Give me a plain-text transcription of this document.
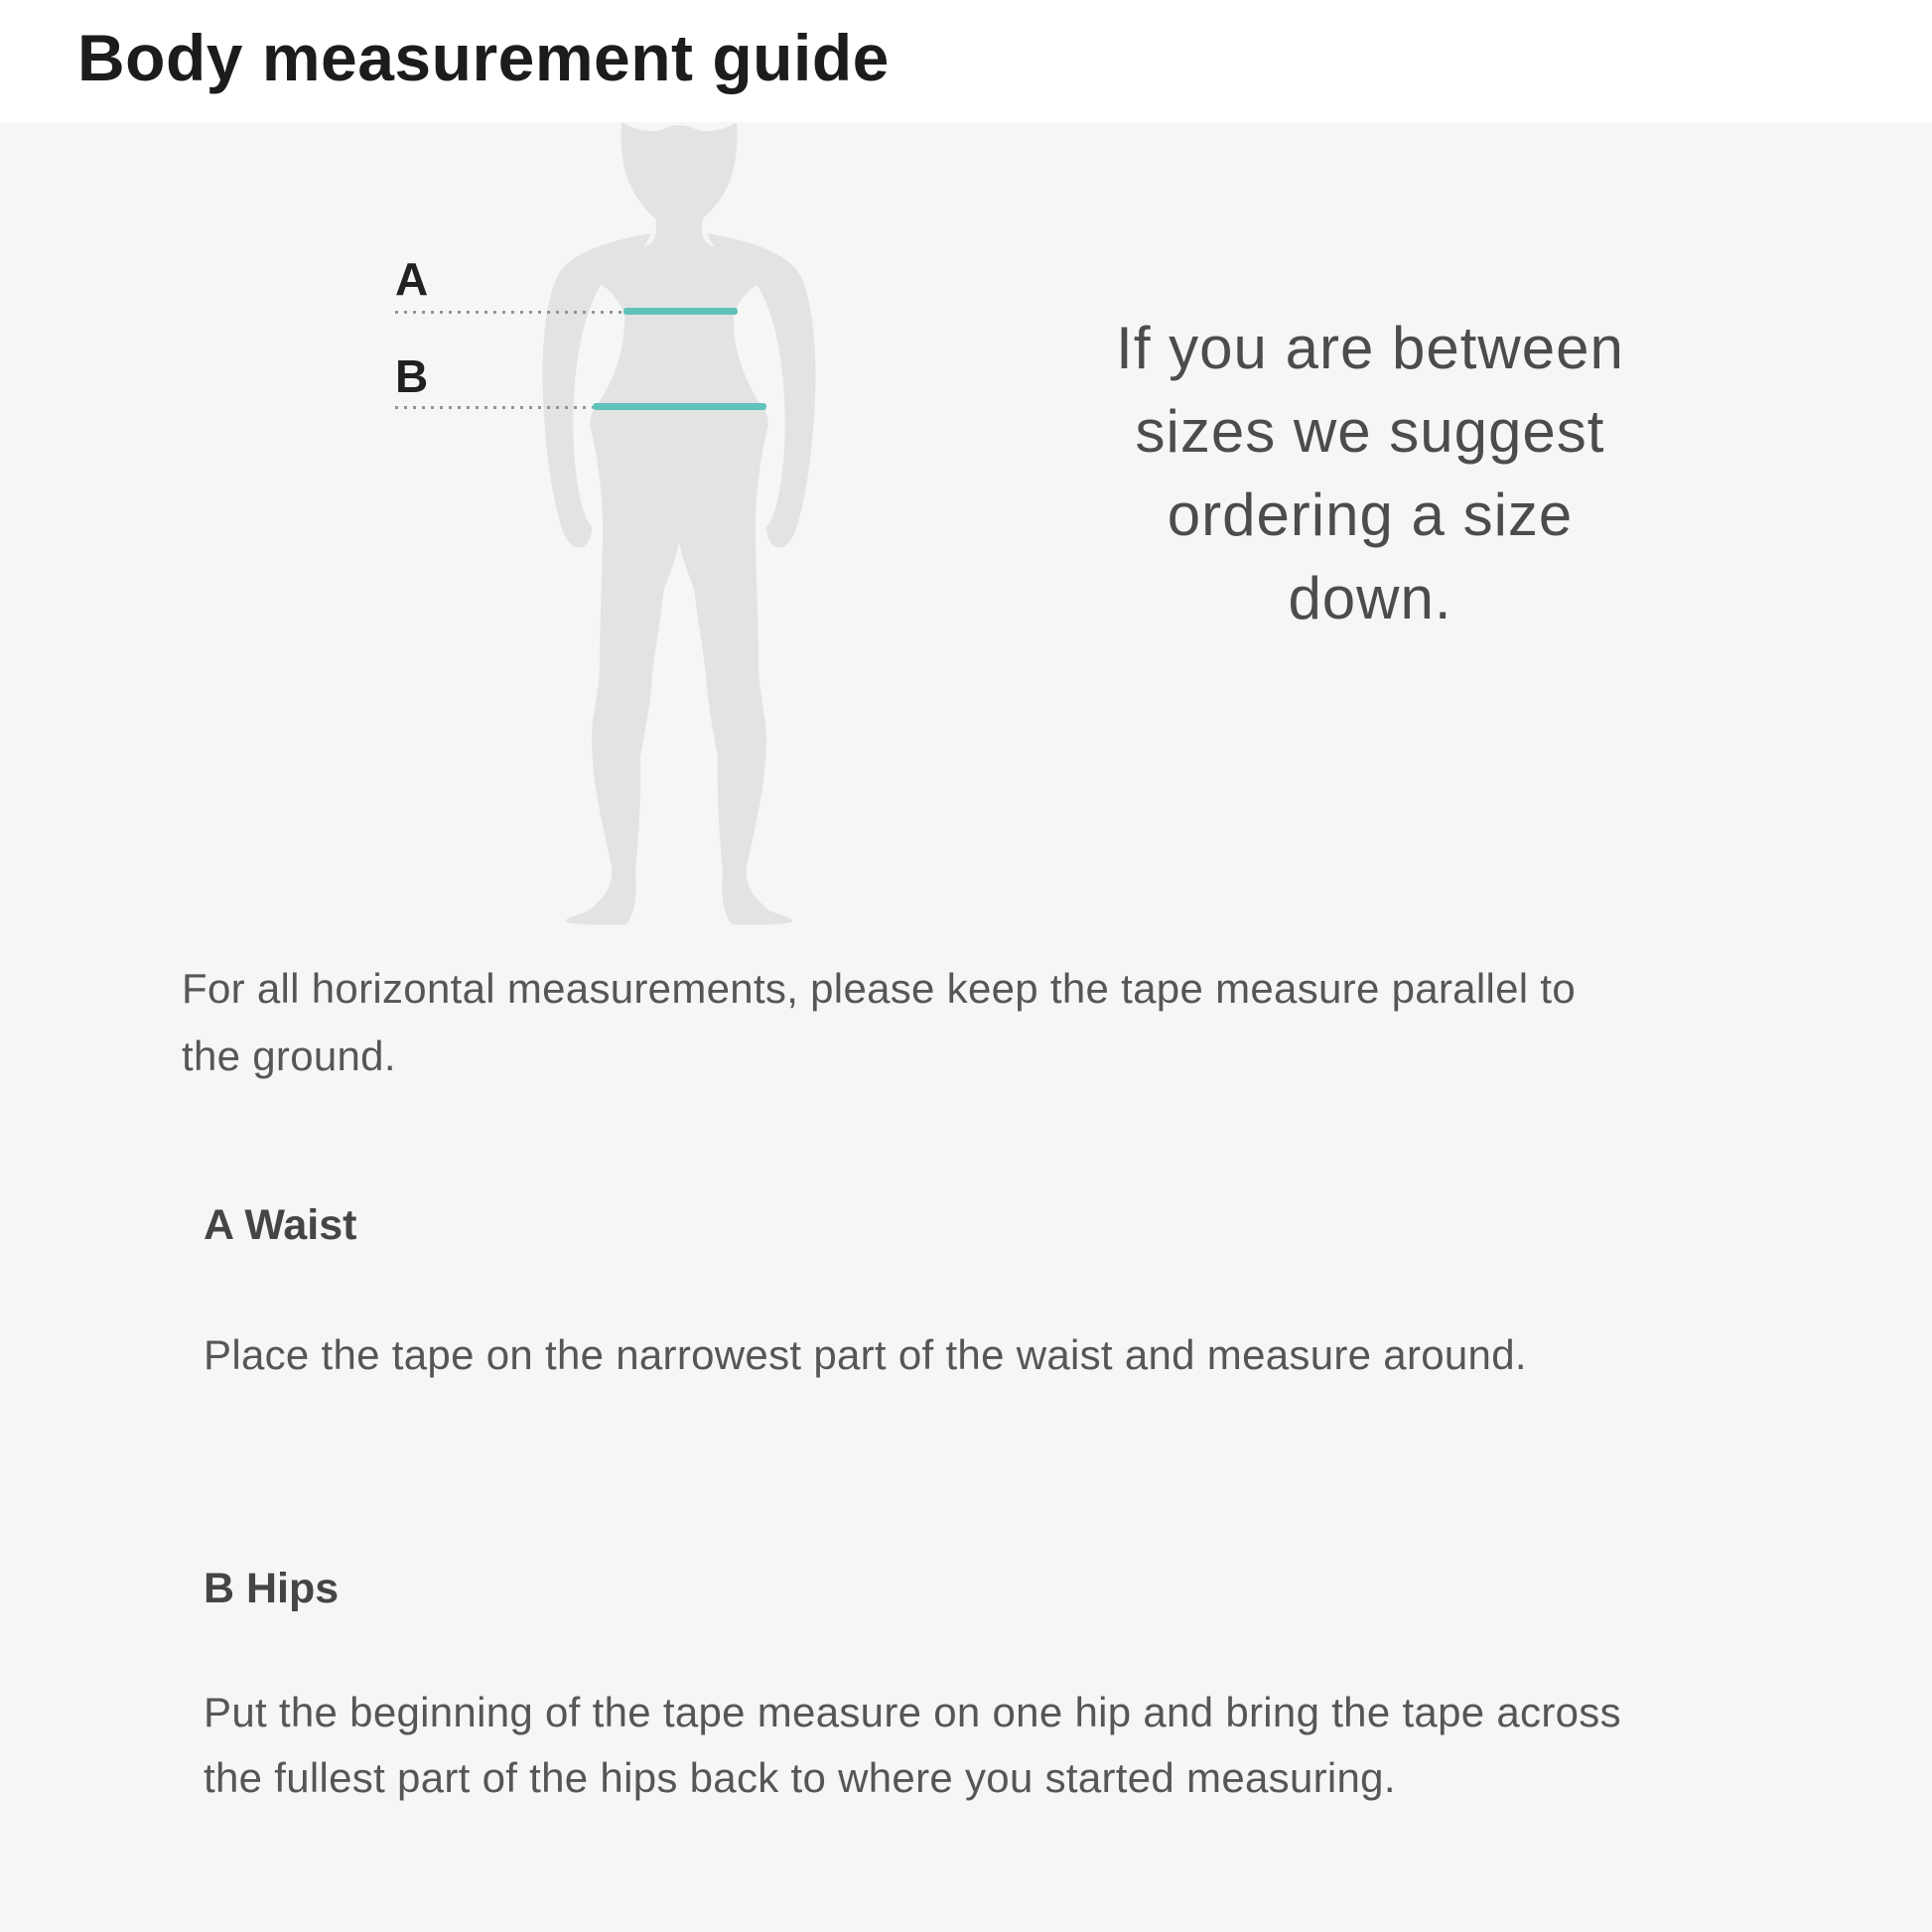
Body measurement guide
A
B	If you are between
sizes we suggest
ordering a size
down.
For all horizontal measurements, please keep the tape measure parallel to
the ground.
A Waist
Place the tape on the narrowest part of the waist and measure around.
B Hips
Put the beginning of the tape measure on one hip and bring the tape across
the fullest part of the hips back to where you started measuring.
